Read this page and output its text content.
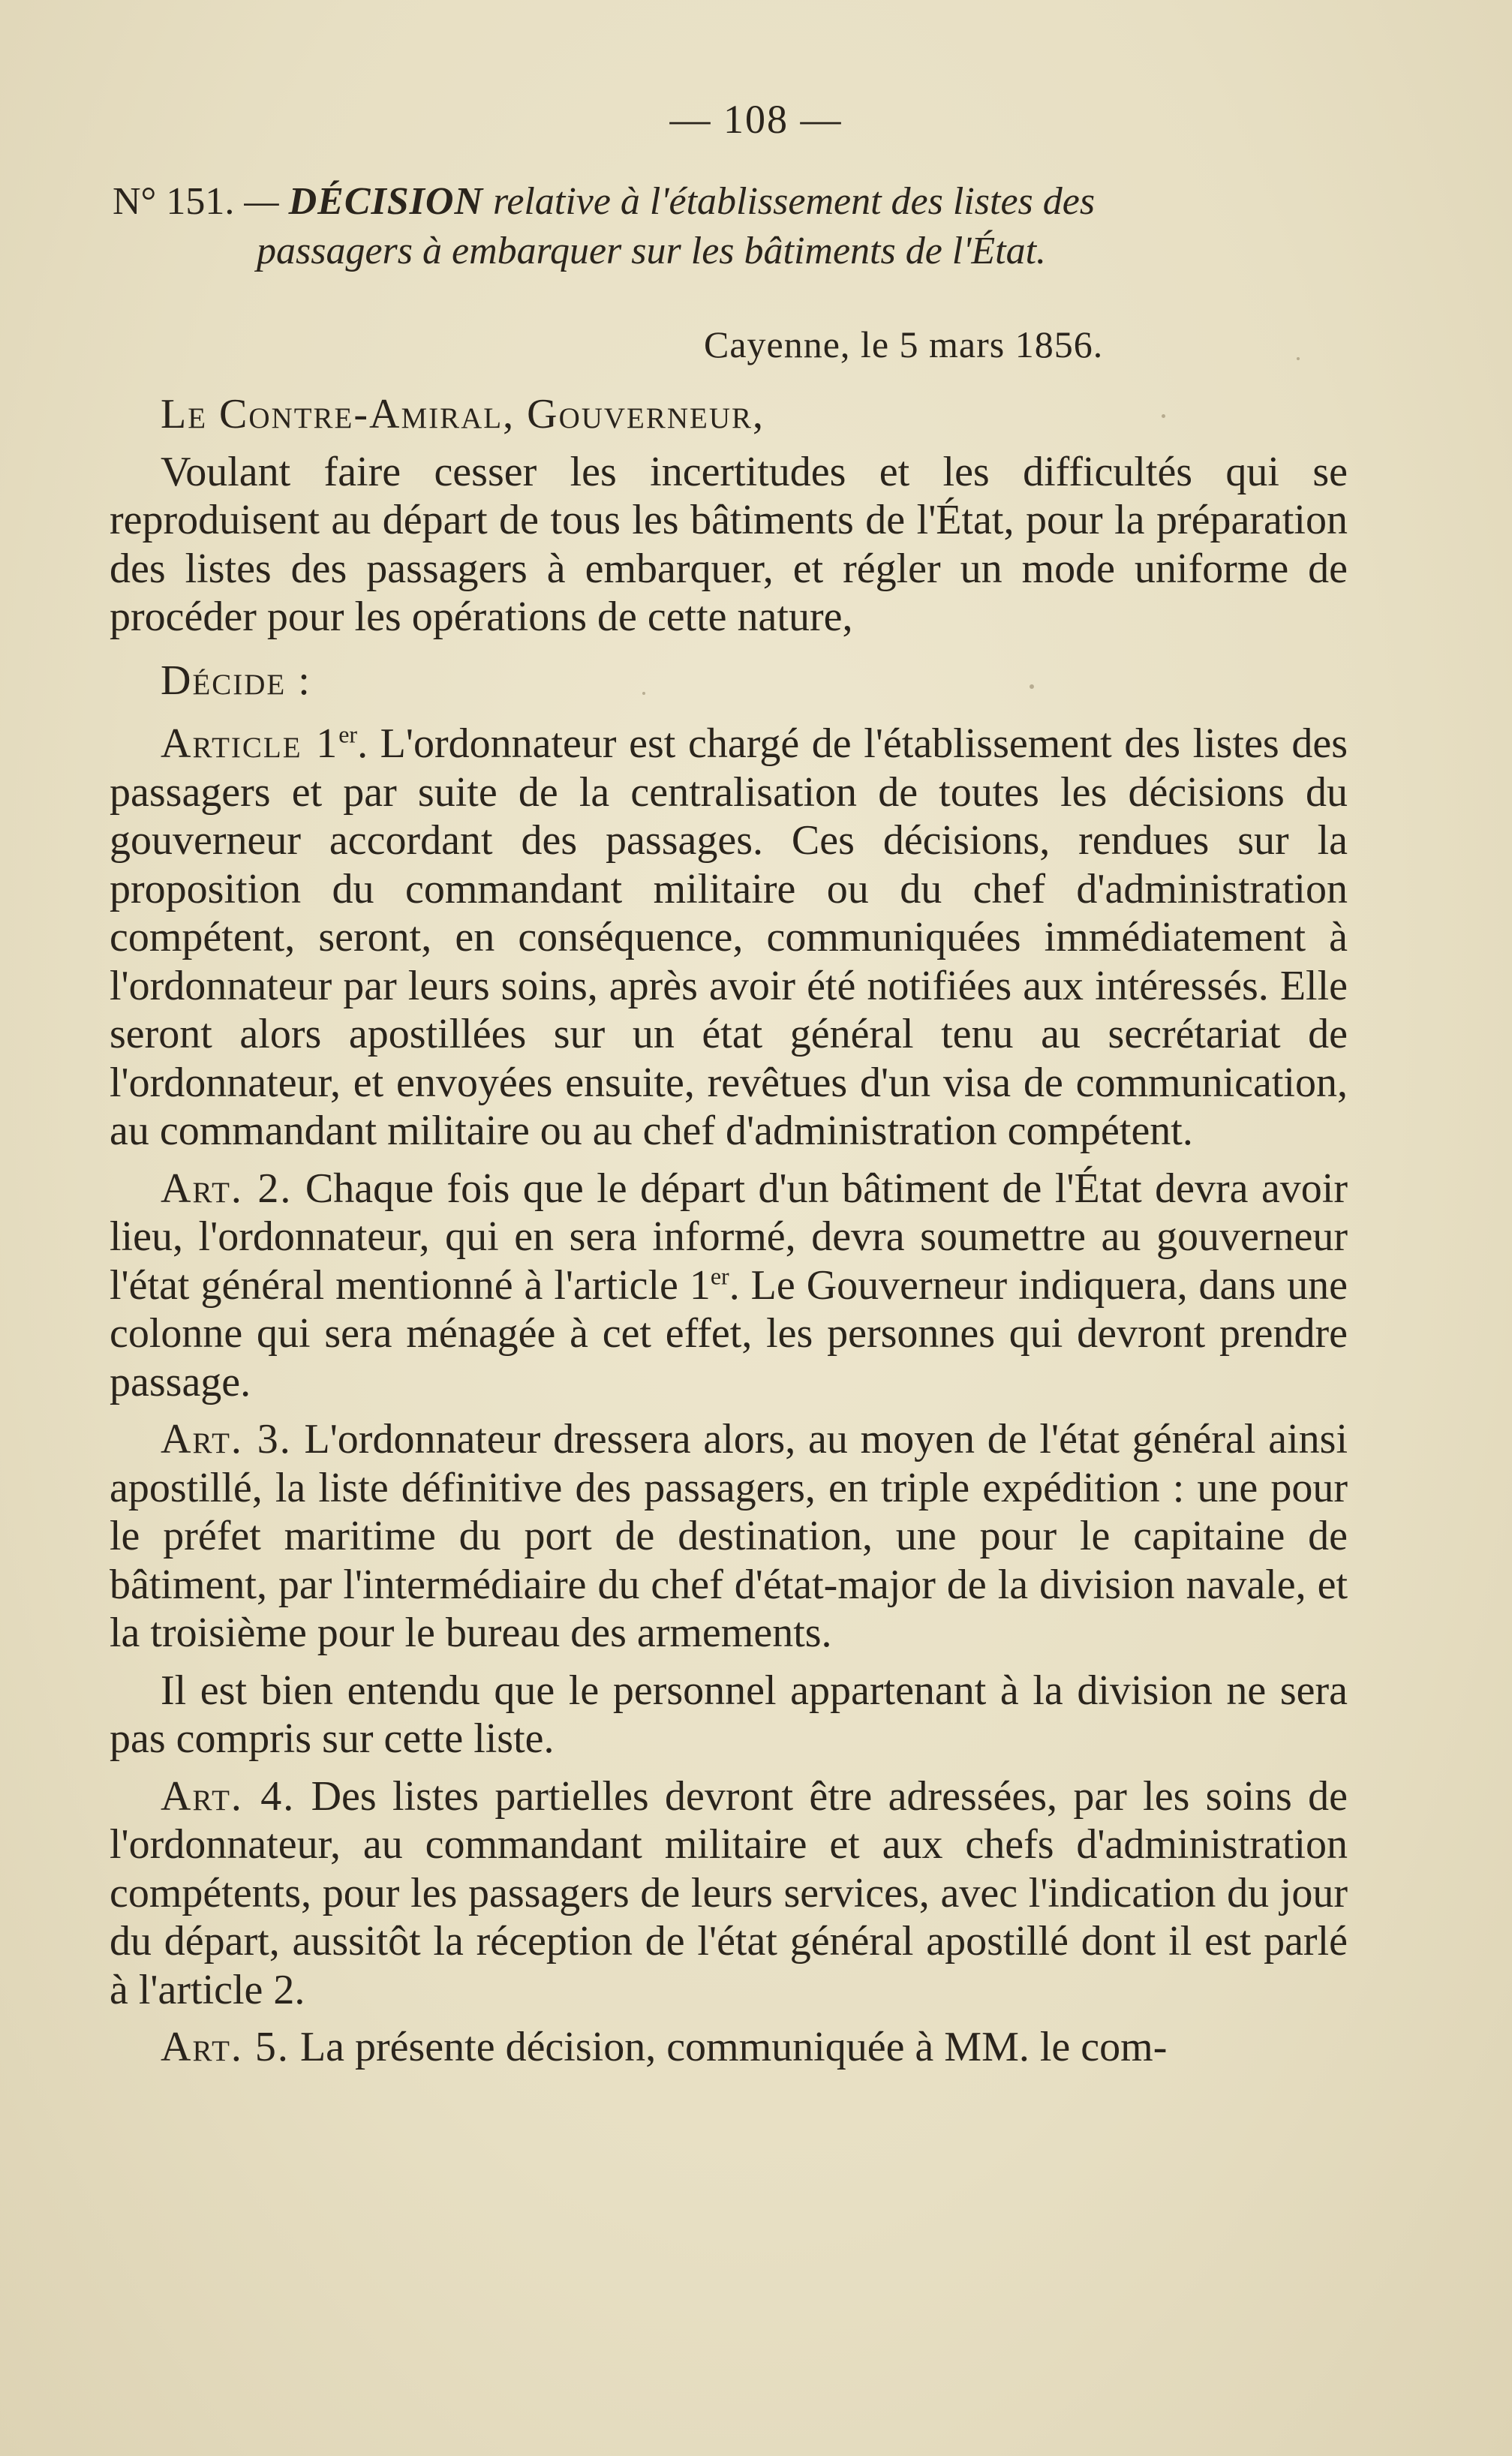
— 108 —
N° 151. — DÉCISION relative à l'établissement des listes des
passagers à embarquer sur les bâtiments de l'État.
Cayenne, le 5 mars 1856.

Le Contre-Amiral, Gouverneur,

Voulant faire cesser les incertitudes et les difficultés qui se reproduisent au départ de tous les bâtiments de l'État, pour la préparation des listes des passagers à embarquer, et régler un mode uniforme de procéder pour les opérations de cette nature,

Décide :

Article 1er. L'ordonnateur est chargé de l'établissement des listes des passagers et par suite de la centralisation de toutes les décisions du gouverneur accordant des passages. Ces décisions, rendues sur la proposition du commandant militaire ou du chef d'administration compétent, seront, en conséquence, communiquées immédiatement à l'ordonnateur par leurs soins, après avoir été notifiées aux intéressés. Elle seront alors apostillées sur un état général tenu au secrétariat de l'ordonnateur, et envoyées ensuite, revêtues d'un visa de communication, au commandant militaire ou au chef d'administration compétent.

Art. 2. Chaque fois que le départ d'un bâtiment de l'État devra avoir lieu, l'ordonnateur, qui en sera informé, devra soumettre au gouverneur l'état général mentionné à l'article 1er. Le Gouverneur indiquera, dans une colonne qui sera ménagée à cet effet, les personnes qui devront prendre passage.

Art. 3. L'ordonnateur dressera alors, au moyen de l'état général ainsi apostillé, la liste définitive des passagers, en triple expédition : une pour le préfet maritime du port de destination, une pour le capitaine de bâtiment, par l'intermédiaire du chef d'état-major de la division navale, et la troisième pour le bureau des armements.

Il est bien entendu que le personnel appartenant à la division ne sera pas compris sur cette liste.

Art. 4. Des listes partielles devront être adressées, par les soins de l'ordonnateur, au commandant militaire et aux chefs d'administration compétents, pour les passagers de leurs services, avec l'indication du jour du départ, aussitôt la réception de l'état général apostillé dont il est parlé à l'article 2.

Art. 5. La présente décision, communiquée à MM. le com-
